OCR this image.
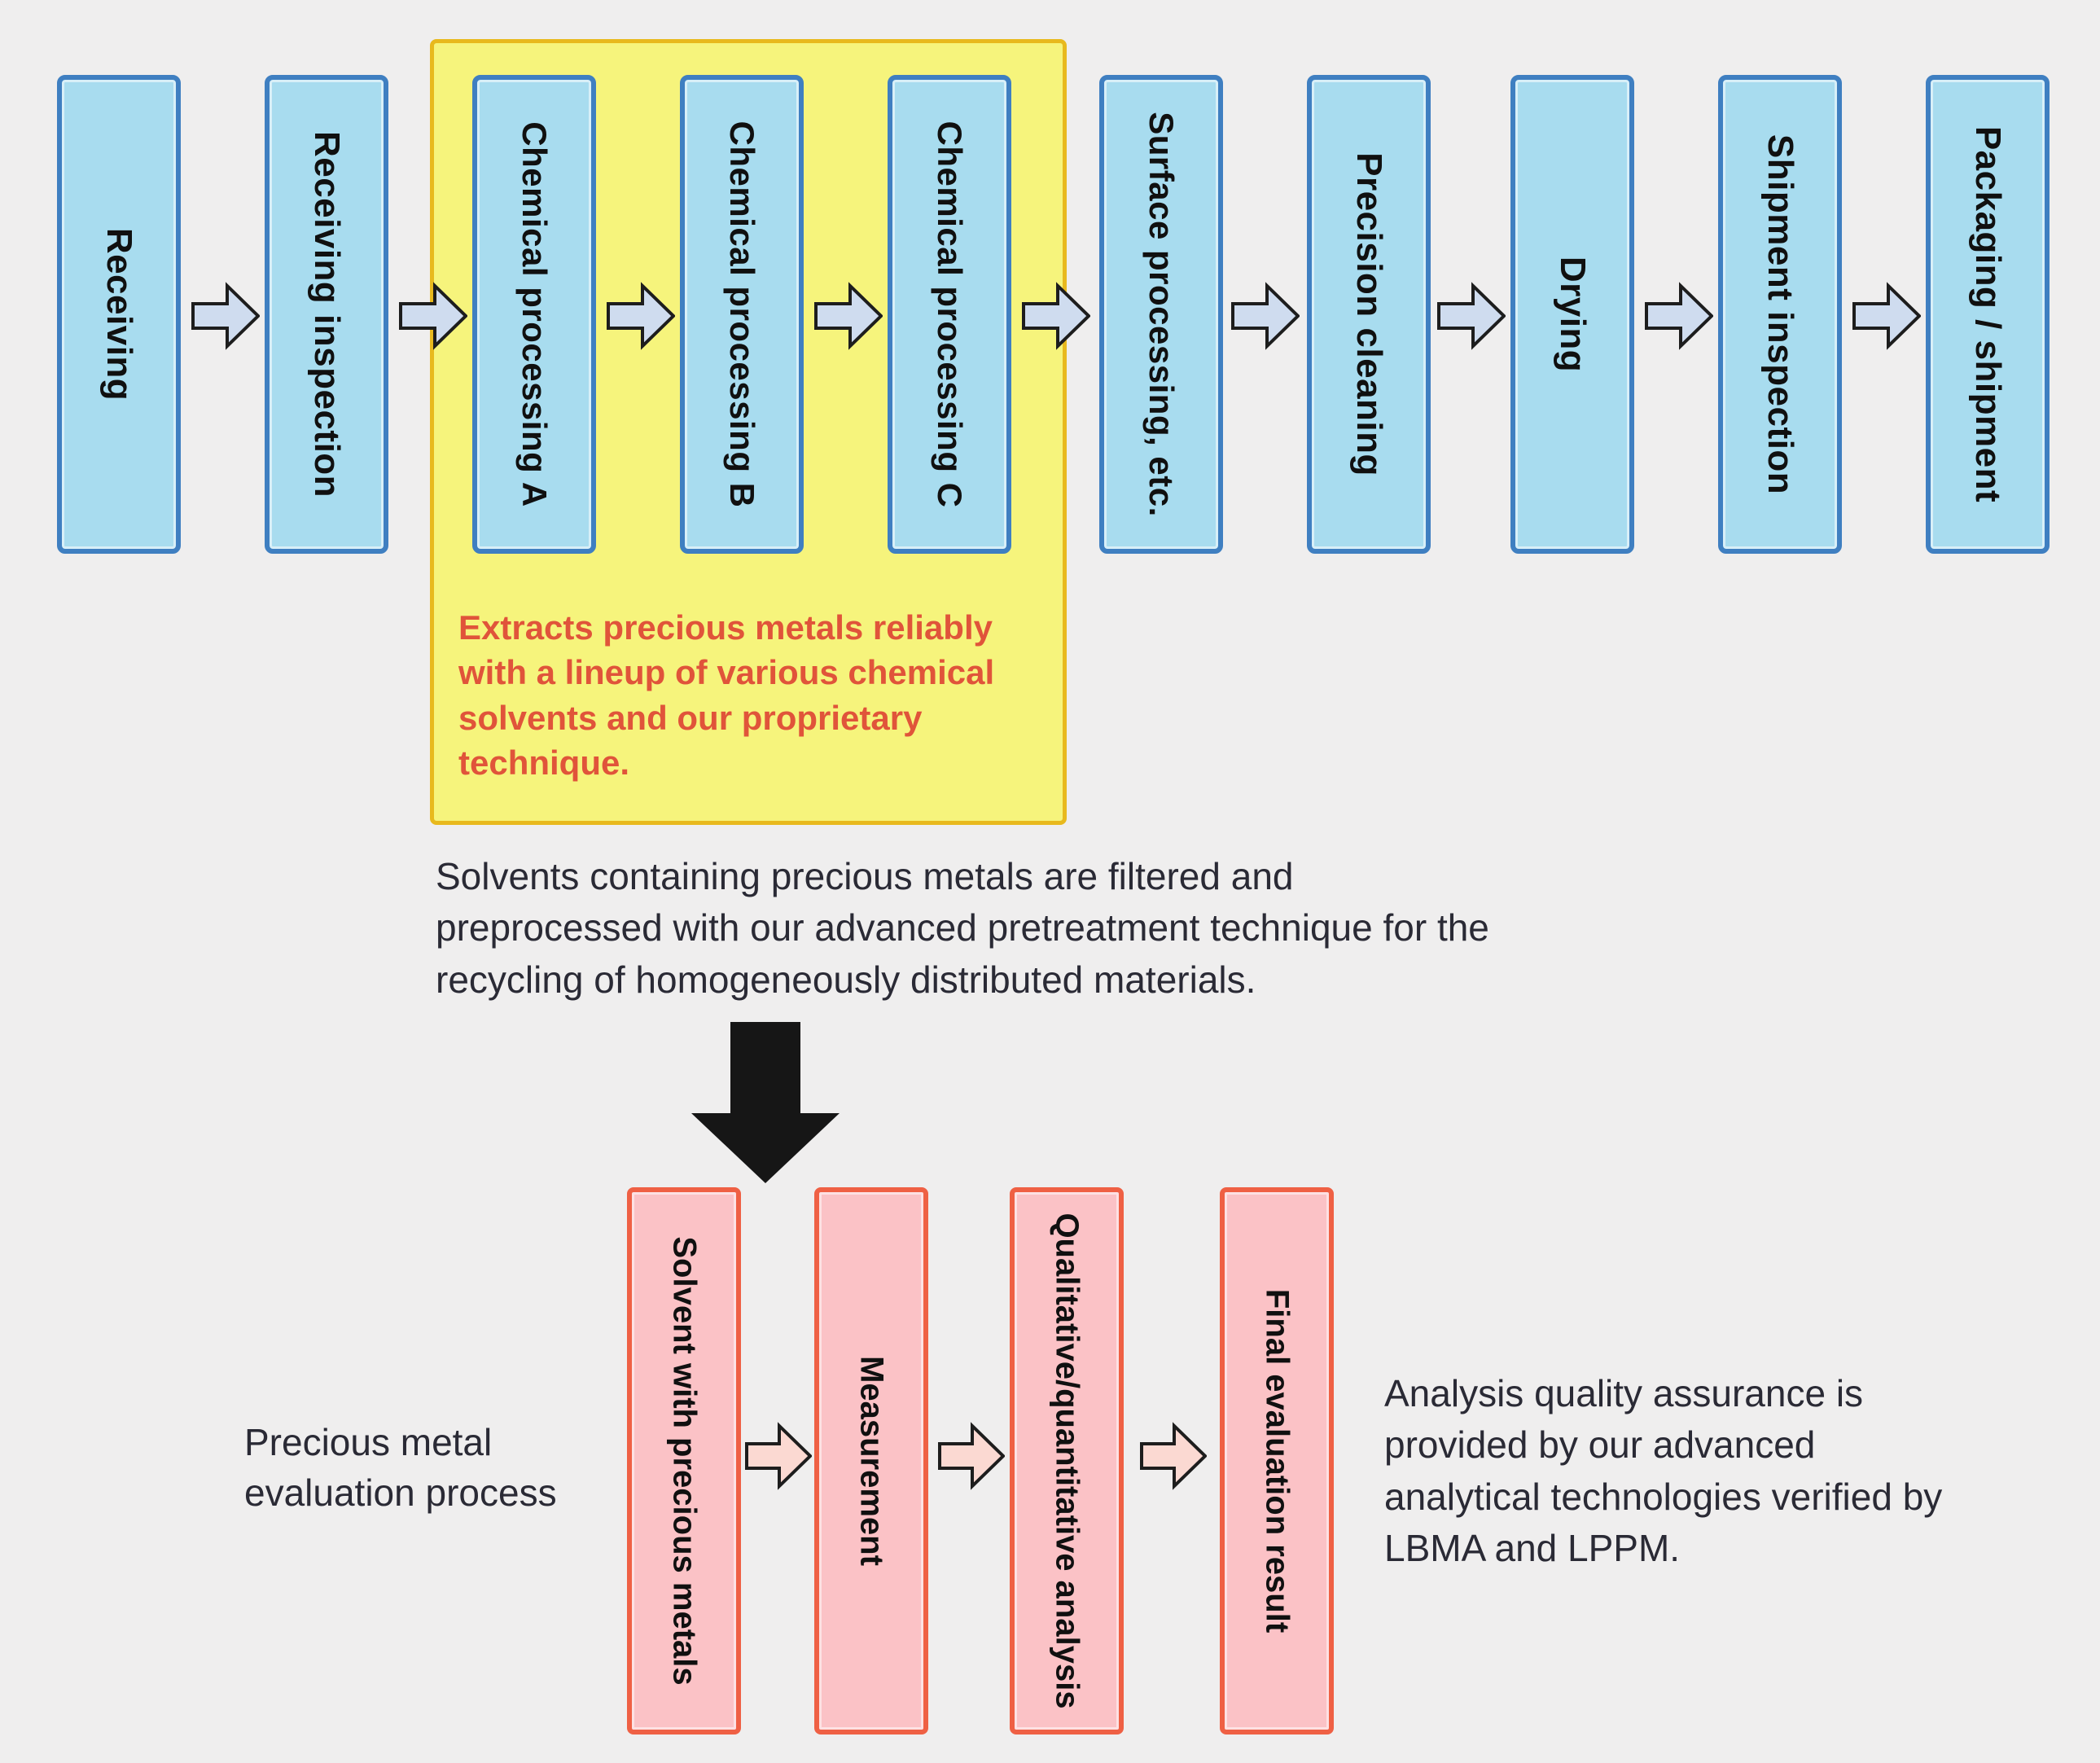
Extracts precious metals reliably with a lineup of various chemical solvents and our proprietary technique.
Receiving	Receiving inspection	Chemical processing A	Chemical processing B	Chemical processing C	Surface processing, etc.	Precision cleaning	Drying	Shipment inspection	Packaging / shipment
Solvents containing precious metals are filtered and preprocessed with our advanced pretreatment technique for the recycling of homogeneously distributed materials.
Precious metal evaluation process	Solvent with precious metals	Measurement	Qualitative/quantitative analysis	Final evaluation result Analysis quality assurance is provided by our advanced analytical technologies verified by LBMA and LPPM.
